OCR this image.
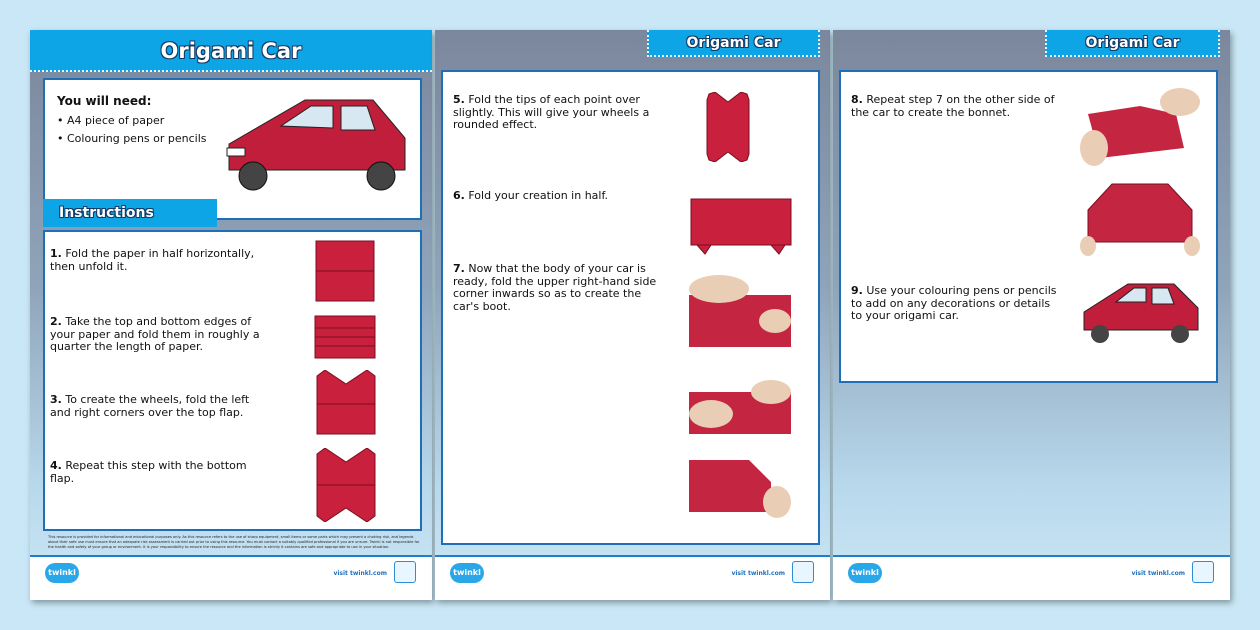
Origami Car
You will need:
• A4 piece of paper
• Colouring pens or pencils
Instructions
1. Fold the paper in half horizontally, then unfold it.
2. Take the top and bottom edges of your paper and fold them in roughly a quarter the length of paper.
3. To create the wheels, fold the left and right corners over the top flap.
4. Repeat this step with the bottom flap.
This resource is provided for informational and educational purposes only. As this resource refers to the use of sharp equipment, small items or some parts which may present a choking risk, and legends about their safe use must ensure that an adequate risk assessment is carried out prior to using this resource. You must contact a suitably qualified professional if you are unsure. Twinkl is not responsible for the health and safety of your group or environment. It is your responsibility to ensure the resource and the information is strictly it contains are safe and appropriate to use in your situation.
twinkl	visit twinkl.com
Origami Car
5. Fold the tips of each point over slightly. This will give your wheels a rounded effect.
6. Fold your creation in half.
7. Now that the body of your car is ready, fold the upper right-hand side corner inwards so as to create the car's boot.
twinkl	visit twinkl.com
Origami Car
8. Repeat step 7 on the other side of the car to create the bonnet.
9. Use your colouring pens or pencils to add on any decorations or details to your origami car.
twinkl	visit twinkl.com
